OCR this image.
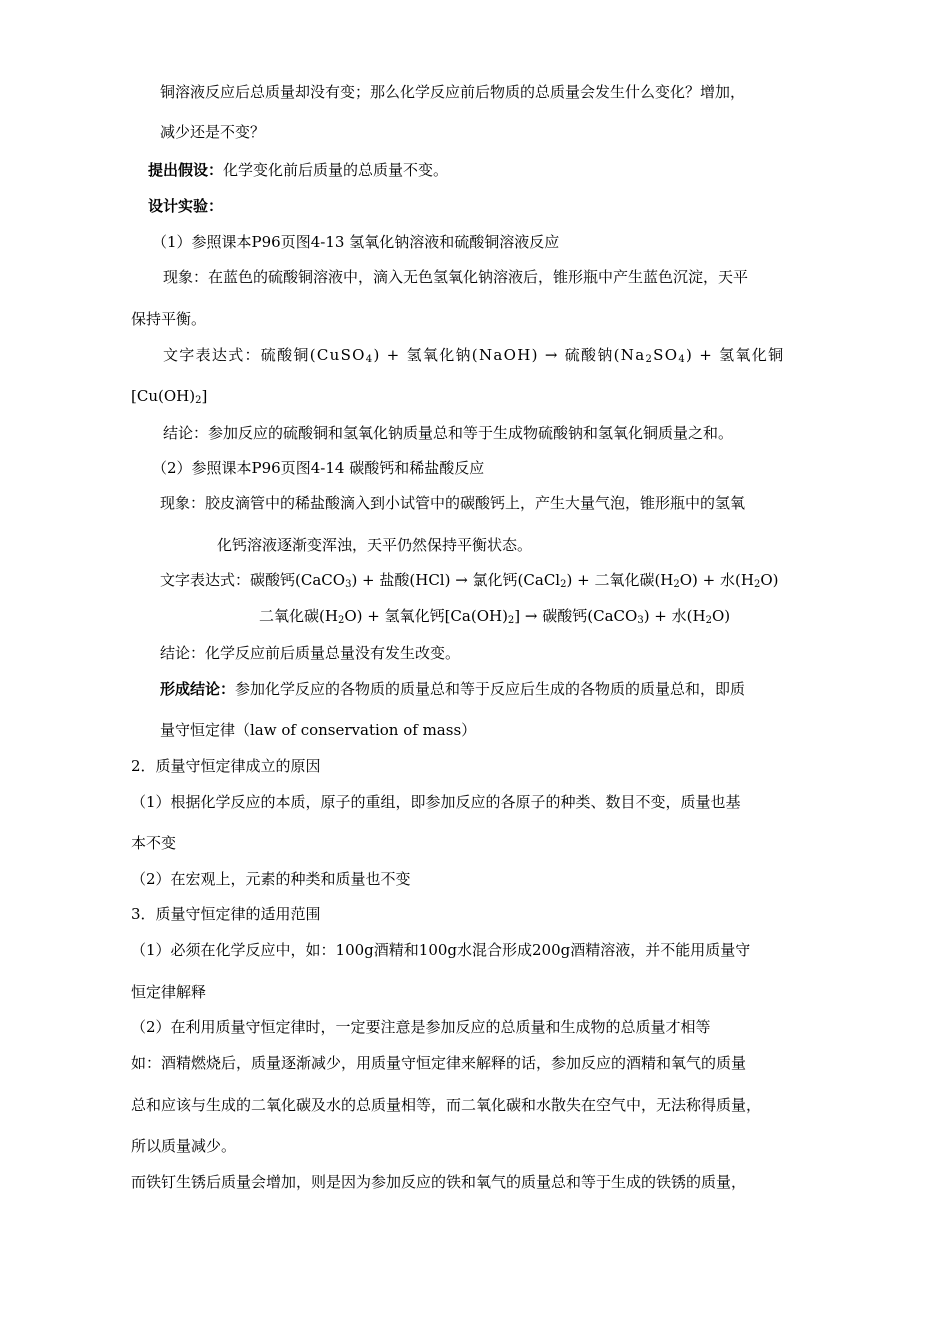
铜溶液反应后总质量却没有变；那么化学反应前后物质的总质量会发生什么变化？增加，
减少还是不变？
提出假设：化学变化前后质量的总质量不变。
设计实验：
（1）参照课本P96页图4-13 氢氧化钠溶液和硫酸铜溶液反应
现象：在蓝色的硫酸铜溶液中，滴入无色氢氧化钠溶液后，锥形瓶中产生蓝色沉淀，天平
保持平衡。
文字表达式：硫酸铜(CuSO$_4$) + 氢氧化钠(NaOH) → 硫酸钠$(Na_2SO_4)$ + 氢氧化铜
$[Cu(OH)_2]$
结论：参加反应的硫酸铜和氢氧化钠质量总和等于生成物硫酸钠和氢氧化铜质量之和。
（2）参照课本P96页图4-14 碳酸钙和稀盐酸反应
现象：胶皮滴管中的稀盐酸滴入到小试管中的碳酸钙上，产生大量气泡，锥形瓶中的氢氧
化钙溶液逐渐变浑浊，天平仍然保持平衡状态。
文字表达式：碳酸钙(CaCO$_3$) + 盐酸(HCl) → 氯化钙(CaCl$_2$) + 二氧化碳$(H_2O)$ + 水$(H_2O)$
二氧化碳$(H_2O)$ + 氢氧化钙$[Ca(OH)_2]$ → 碳酸钙(CaCO$_3$) + 水$(H_2O)$
结论：化学反应前后质量总量没有发生改变。
形成结论：参加化学反应的各物质的质量总和等于反应后生成的各物质的质量总和，即质
量守恒定律（law of conservation of mass）
2．质量守恒定律成立的原因
（1）根据化学反应的本质，原子的重组，即参加反应的各原子的种类、数目不变，质量也基
本不变
（2）在宏观上，元素的种类和质量也不变
3．质量守恒定律的适用范围
（1）必须在化学反应中，如：100g酒精和100g水混合形成200g酒精溶液，并不能用质量守
恒定律解释
（2）在利用质量守恒定律时，一定要注意是参加反应的总质量和生成物的总质量才相等
如：酒精燃烧后，质量逐渐减少，用质量守恒定律来解释的话，参加反应的酒精和氧气的质量
总和应该与生成的二氧化碳及水的总质量相等，而二氧化碳和水散失在空气中，无法称得质量，
所以质量减少。
而铁钉生锈后质量会增加，则是因为参加反应的铁和氧气的质量总和等于生成的铁锈的质量，
